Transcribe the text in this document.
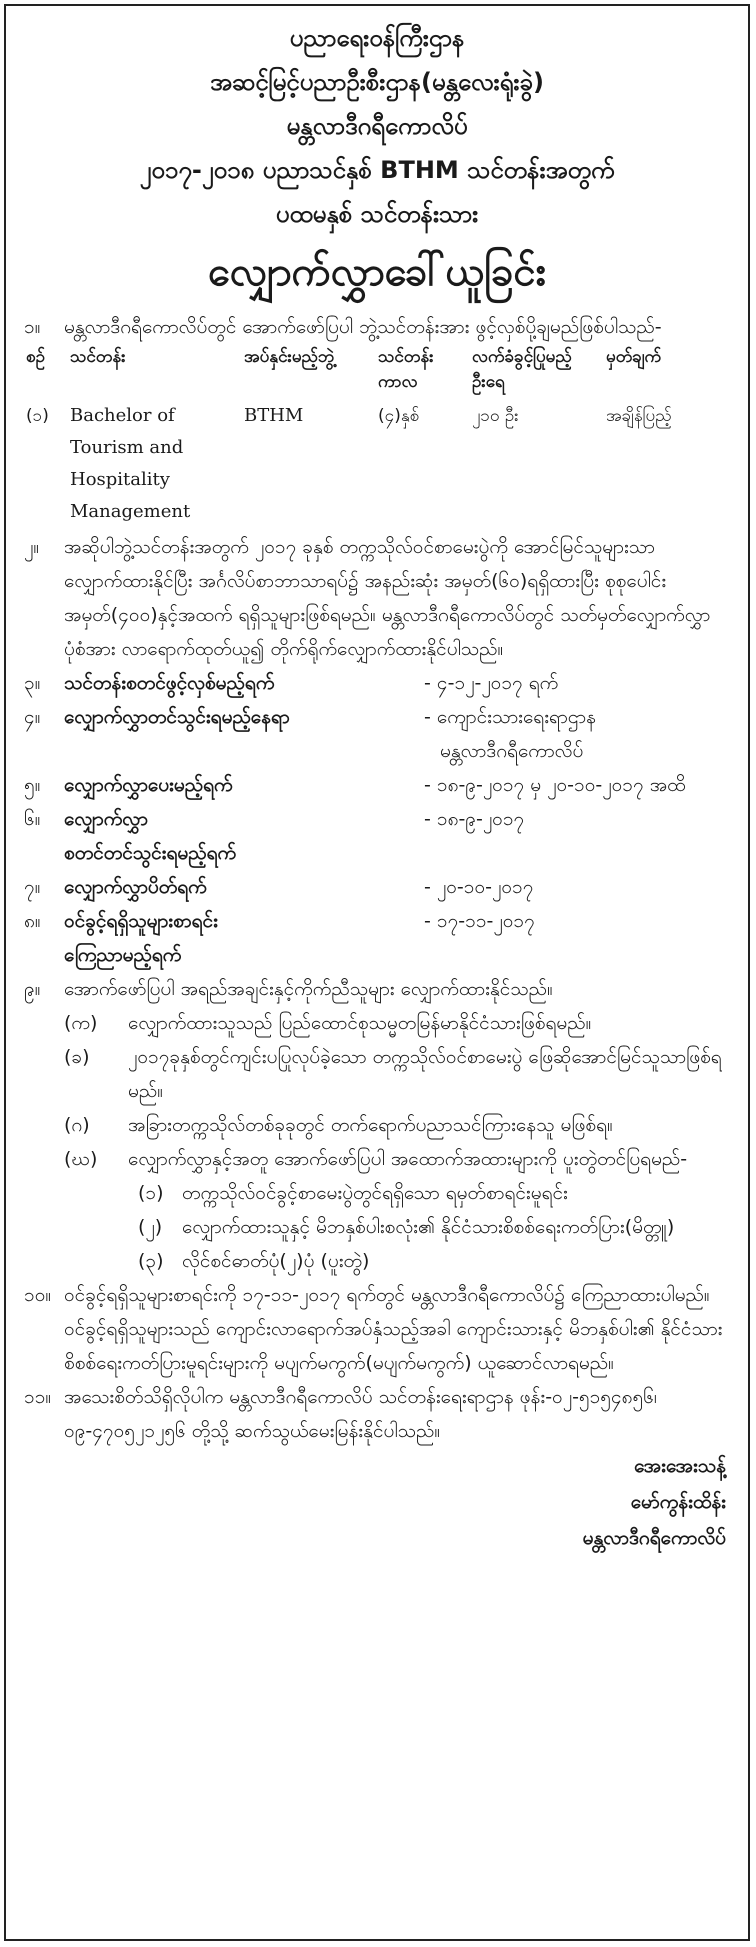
ပညာရေးဝန်ကြီးဌာန
အဆင့်မြင့်ပညာဦးစီးဌာန(မန္တလေးရုံးခွဲ)
မန္တလာဒီဂရီကောလိပ်
၂၀၁၇-၂၀၁၈ ပညာသင်နှစ် BTHM သင်တန်းအတွက်
ပထမနှစ် သင်တန်းသား
လျှောက်လွှာခေါ်ယူခြင်း
၁။	မန္တလာဒီဂရီကောလိပ်တွင် အောက်ဖော်ပြပါ ဘွဲ့သင်တန်းအား ဖွင့်လှစ်ပို့ချမည်ဖြစ်ပါသည်-
စဉ်	သင်တန်း	အပ်နှင်းမည့်ဘွဲ့	သင်တန်းကာလ	လက်ခံခွင့်ပြုမည့်ဦးရေ	မှတ်ချက်
(၁)	Bachelor of Tourism and Hospitality Management	BTHM	(၄)နှစ်	၂၁၀ ဦး	အချိန်ပြည့်
၂။	အဆိုပါဘွဲ့သင်တန်းအတွက် ၂၀၁၇ ခုနှစ် တက္ကသိုလ်ဝင်စာမေးပွဲကို အောင်မြင်သူများသာ လျှောက်ထားနိုင်ပြီး အင်္ဂလိပ်စာဘာသာရပ်၌ အနည်းဆုံး အမှတ်(၆၀)ရရှိထားပြီး စုစုပေါင်းအမှတ်(၄၀၀)နှင့်အထက် ရရှိသူများဖြစ်ရမည်။ မန္တလာဒီဂရီကောလိပ်တွင် သတ်မှတ်လျှောက်လွှာပုံစံအား လာရောက်ထုတ်ယူ၍ တိုက်ရိုက်လျှောက်ထားနိုင်ပါသည်။
၃။	သင်တန်းစတင်ဖွင့်လှစ်မည့်ရက်	- ၄-၁၂-၂၀၁၇ ရက်
၄။	လျှောက်လွှာတင်သွင်းရမည့်နေရာ	- ကျောင်းသားရေးရာဌာန
မန္တလာဒီဂရီကောလိပ်
၅။	လျှောက်လွှာပေးမည့်ရက်	- ၁၈-၉-၂၀၁၇ မှ ၂၀-၁၀-၂၀၁၇ အထိ
၆။	လျှောက်လွှာ
စတင်တင်သွင်းရမည့်ရက်
- ၁၈-၉-၂၀၁၇
၇။	လျှောက်လွှာပိတ်ရက်	- ၂၀-၁၀-၂၀၁၇
၈။	ဝင်ခွင့်ရရှိသူများစာရင်း
ကြေညာမည့်ရက်
- ၁၇-၁၁-၂၀၁၇
၉။	အောက်ဖော်ပြပါ အရည်အချင်းနှင့်ကိုက်ညီသူများ လျှောက်ထားနိုင်သည်။
(က)	လျှောက်ထားသူသည် ပြည်ထောင်စုသမ္မတမြန်မာနိုင်ငံသားဖြစ်ရမည်။
(ခ)	၂၀၁၇ခုနှစ်တွင်ကျင်းပပြုလုပ်ခဲ့သော တက္ကသိုလ်ဝင်စာမေးပွဲ ဖြေဆိုအောင်မြင်သူသာဖြစ်ရမည်။
(ဂ)	အခြားတက္ကသိုလ်တစ်ခုခုတွင် တက်ရောက်ပညာသင်ကြားနေသူ မဖြစ်ရ။
(ဃ)	လျှောက်လွှာနှင့်အတူ အောက်ဖော်ပြပါ အထောက်အထားများကို ပူးတွဲတင်ပြရမည်-
(၁) တက္ကသိုလ်ဝင်ခွင့်စာမေးပွဲတွင်ရရှိသော ရမှတ်စာရင်းမူရင်း
(၂)	လျှောက်ထားသူနှင့် မိဘနှစ်ပါးစလုံး၏ နိုင်ငံသားစိစစ်ရေးကတ်ပြား(မိတ္တူ)
(၃) လိုင်စင်ဓာတ်ပုံ(၂)ပုံ (ပူးတွဲ)
၁၀။ ဝင်ခွင့်ရရှိသူများစာရင်းကို ၁၇-၁၁-၂၀၁၇ ရက်တွင် မန္တလာဒီဂရီကောလိပ်၌ ကြေညာထားပါမည်။ ဝင်ခွင့်ရရှိသူများသည် ကျောင်းလာရောက်အပ်နှံသည့်အခါ ကျောင်းသားနှင့် မိဘနှစ်ပါး၏ နိုင်ငံသားစိစစ်ရေးကတ်ပြားမူရင်းများကို မပျက်မကွက်(မပျက်မကွက်) ယူဆောင်လာရမည်။
၁၁။ အသေးစိတ်သိရှိလိုပါက မန္တလာဒီဂရီကောလိပ် သင်တန်းရေးရာဌာန ဖုန်း-၀၂-၅၁၅၄၈၅၆၊ ၀၉-၄၇၀၅၂၁၂၅၆ တို့သို့ ဆက်သွယ်မေးမြန်းနိုင်ပါသည်။
အေးအေးသန့်
မော်ကွန်းထိန်း
မန္တလာဒီဂရီကောလိပ်
